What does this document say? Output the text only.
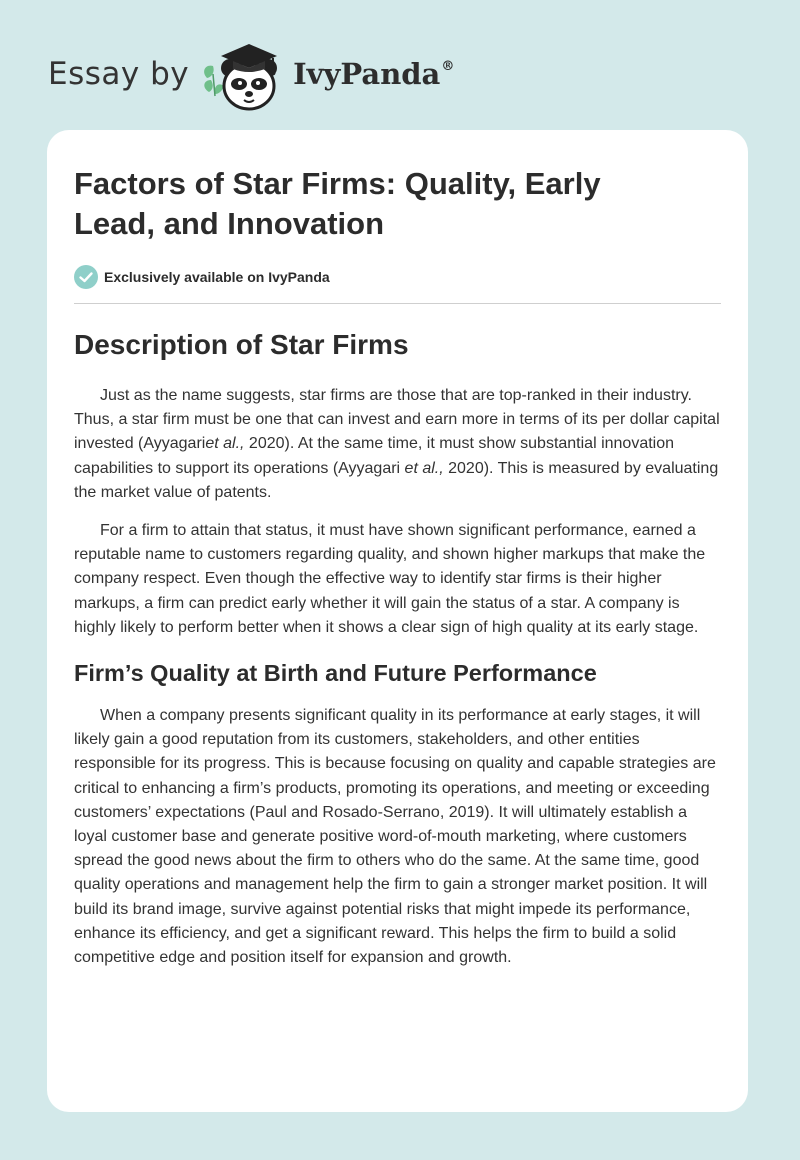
Essay by	IvyPanda®
Factors of Star Firms: Quality, Early Lead, and Innovation
Exclusively available on IvyPanda
Description of Star Firms

Just as the name suggests, star firms are those that are top-ranked in their industry. Thus, a star firm must be one that can invest and earn more in terms of its per dollar capital invested (Ayyagariet al., 2020). At the same time, it must show substantial innovation capabilities to support its operations (Ayyagari et al., 2020). This is measured by evaluating the market value of patents.

For a firm to attain that status, it must have shown significant performance, earned a reputable name to customers regarding quality, and shown higher markups that make the company respect. Even though the effective way to identify star firms is their higher markups, a firm can predict early whether it will gain the status of a star. A company is highly likely to perform better when it shows a clear sign of high quality at its early stage.

Firm’s Quality at Birth and Future Performance

When a company presents significant quality in its performance at early stages, it will likely gain a good reputation from its customers, stakeholders, and other entities responsible for its progress. This is because focusing on quality and capable strategies are critical to enhancing a firm’s products, promoting its operations, and meeting or exceeding customers’ expectations (Paul and Rosado-Serrano, 2019). It will ultimately establish a loyal customer base and generate positive word-of-mouth marketing, where customers spread the good news about the firm to others who do the same. At the same time, good quality operations and management help the firm to gain a stronger market position. It will build its brand image, survive against potential risks that might impede its performance, enhance its efficiency, and get a significant reward. This helps the firm to build a solid competitive edge and position itself for expansion and growth.
